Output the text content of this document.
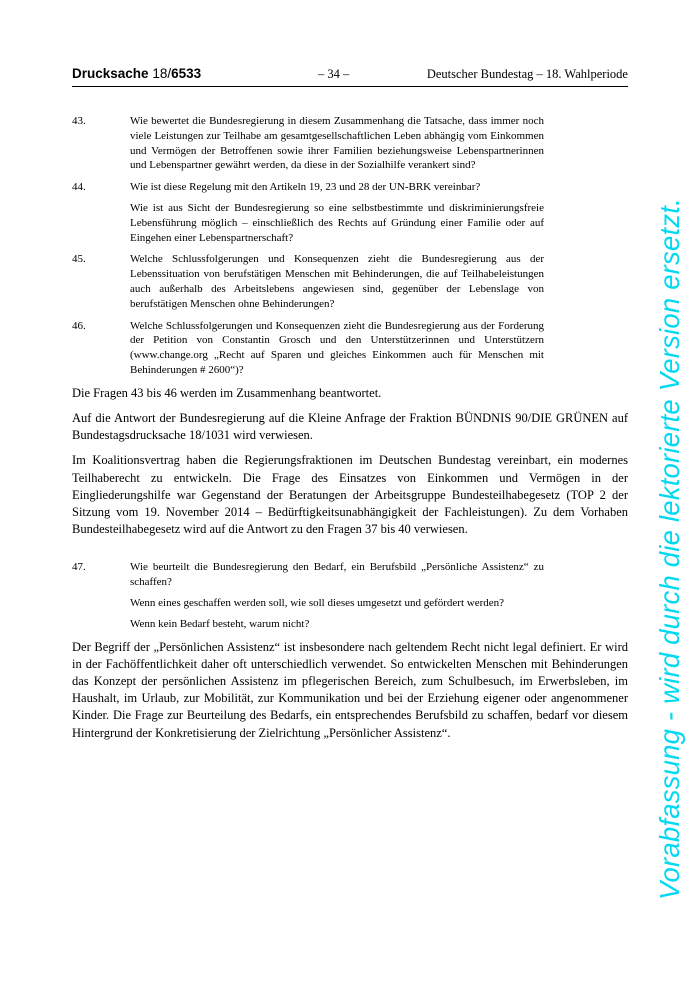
Drucksache 18/6533	– 34 –	Deutscher Bundestag – 18. Wahlperiode
43.	Wie bewertet die Bundesregierung in diesem Zusammenhang die Tatsache, dass immer noch viele Leistungen zur Teilhabe am gesamtgesellschaftlichen Leben abhängig vom Einkommen und Vermögen der Betroffenen sowie ihrer Familien beziehungsweise Lebenspartnerinnen und Lebenspartner gewährt werden, da diese in der Sozialhilfe verankert sind?

44.	Wie ist diese Regelung mit den Artikeln 19, 23 und 28 der UN-BRK vereinbar?

Wie ist aus Sicht der Bundesregierung so eine selbstbestimmte und diskriminierungsfreie Lebensführung möglich – einschließlich des Rechts auf Gründung einer Familie oder auf Eingehen einer Lebenspartnerschaft?

45.	Welche Schlussfolgerungen und Konsequenzen zieht die Bundesregierung aus der Lebenssituation von berufstätigen Menschen mit Behinderungen, die auf Teilhabeleistungen auch außerhalb des Arbeitslebens angewiesen sind, gegenüber der Lebenslage von berufstätigen Menschen ohne Behinderungen?

46.	Welche Schlussfolgerungen und Konsequenzen zieht die Bundesregierung aus der Forderung der Petition von Constantin Grosch und den Unterstützerinnen und Unterstützern (www.change.org „Recht auf Sparen und gleiches Einkommen auch für Menschen mit Behinderungen # 2600“)?

Die Fragen 43 bis 46 werden im Zusammenhang beantwortet.

Auf die Antwort der Bundesregierung auf die Kleine Anfrage der Fraktion BÜNDNIS 90/DIE GRÜNEN auf Bundestagsdrucksache 18/1031 wird verwiesen.

Im Koalitionsvertrag haben die Regierungsfraktionen im Deutschen Bundestag vereinbart, ein modernes Teilhaberecht zu entwickeln. Die Frage des Einsatzes von Einkommen und Vermögen in der Eingliederungshilfe war Gegenstand der Beratungen der Arbeitsgruppe Bundesteilhabegesetz (TOP 2 der Sitzung vom 19. November 2014 – Bedürftigkeitsunabhängigkeit der Fachleistungen). Zu dem Vorhaben Bundesteilhabegesetz wird auf die Antwort zu den Fragen 37 bis 40 verwiesen.

47.	Wie beurteilt die Bundesregierung den Bedarf, ein Berufsbild „Persönliche Assistenz“ zu schaffen?

Wenn eines geschaffen werden soll, wie soll dieses umgesetzt und gefördert werden?

Wenn kein Bedarf besteht, warum nicht?

Der Begriff der „Persönlichen Assistenz“ ist insbesondere nach geltendem Recht nicht legal definiert. Er wird in der Fachöffentlichkeit daher oft unterschiedlich verwendet. So entwickelten Menschen mit Behinderungen das Konzept der persönlichen Assistenz im pflegerischen Bereich, zum Schulbesuch, im Erwerbsleben, im Haushalt, im Urlaub, zur Mobilität, zur Kommunikation und bei der Erziehung eigener oder angenommener Kinder. Die Frage zur Beurteilung des Bedarfs, ein entsprechendes Berufsbild zu schaffen, bedarf vor diesem Hintergrund der Konkretisierung der Zielrichtung „Persönlicher Assistenz“.	Vorabfassung - wird durch die lektorierte Version ersetzt.
